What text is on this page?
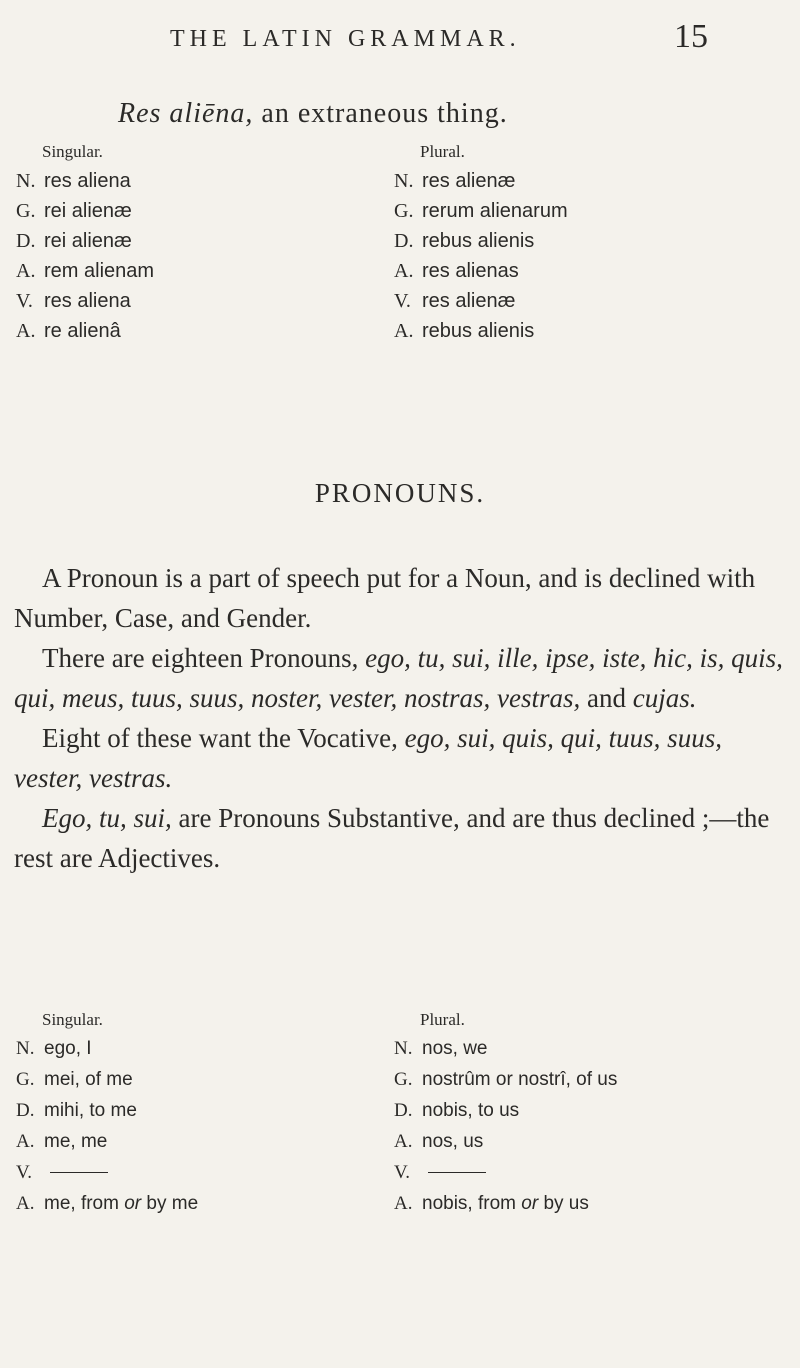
THE LATIN GRAMMAR.	15
Res aliēna, an extraneous thing.
Singular.
N. res aliena
G. rei alienæ
D. rei alienæ
A. rem alienam
V. res aliena
A. re alienâ
Plural.
N. res alienæ
G. rerum alienarum
D. rebus alienis
A. res alienas
V. res alienæ
A. rebus alienis
PRONOUNS.

A Pronoun is a part of speech put for a Noun, and is declined with Number, Case, and Gender.

There are eighteen Pronouns, ego, tu, sui, ille, ipse, iste, hic, is, quis, qui, meus, tuus, suus, noster, vester, nostras, vestras, and cujas.

Eight of these want the Vocative, ego, sui, quis, qui, tuus, suus, vester, vestras.

Ego, tu, sui, are Pronouns Substantive, and are thus declined ;—the rest are Adjectives.

Singular.
N. ego, I
G. mei, of me
D. mihi, to me
A. me, me
V.
A. me, from or by me
Plural.
N. nos, we
G. nostrûm or nostrî, of us
D. nobis, to us
A. nos, us
V.
A. nobis, from or by us
